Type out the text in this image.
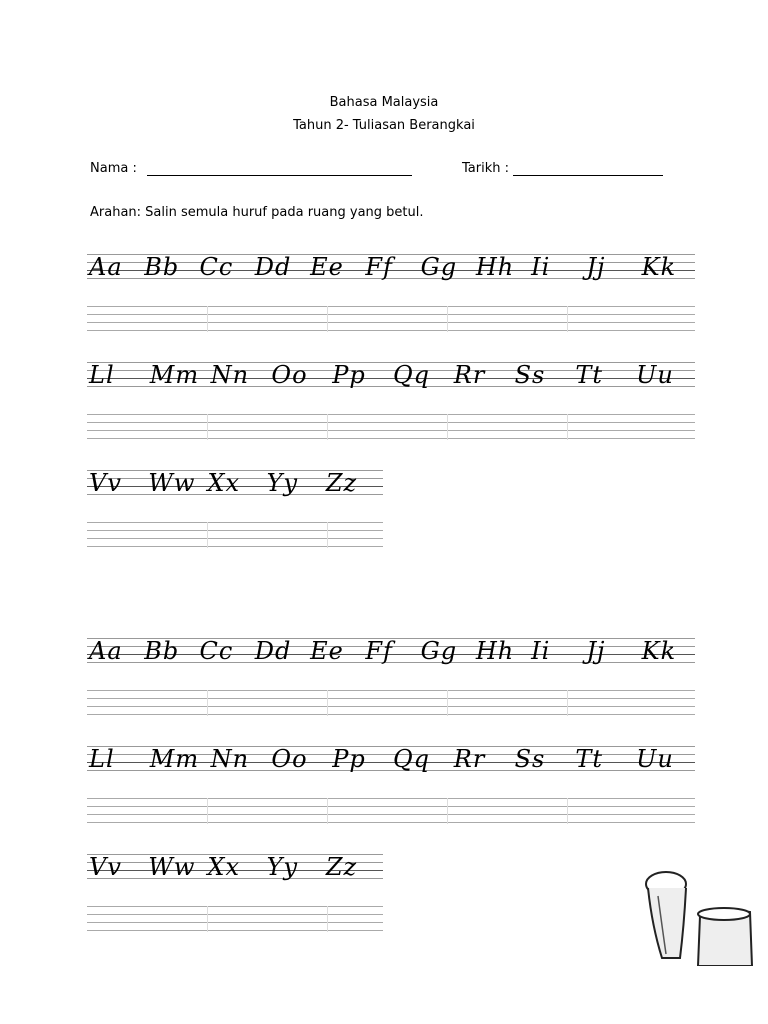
Bahasa Malaysia
Tahun 2- Tuliasan Berangkai
Nama :	Tarikh :
Arahan: Salin semula huruf pada ruang yang betul.
Aa Bb Cc Dd Ee Ff	Gg Hh Ii	Jj	Kk
Ll	Mm Nn Oo	Pp	Qq Rr	Ss	Tt	Uu
Vv	Ww Xx	Yy	Zz
Aa Bb Cc Dd Ee Ff	Gg Hh Ii	Jj	Kk
Ll	Mm Nn Oo	Pp	Qq Rr	Ss	Tt	Uu
Vv	Ww Xx	Yy	Zz
